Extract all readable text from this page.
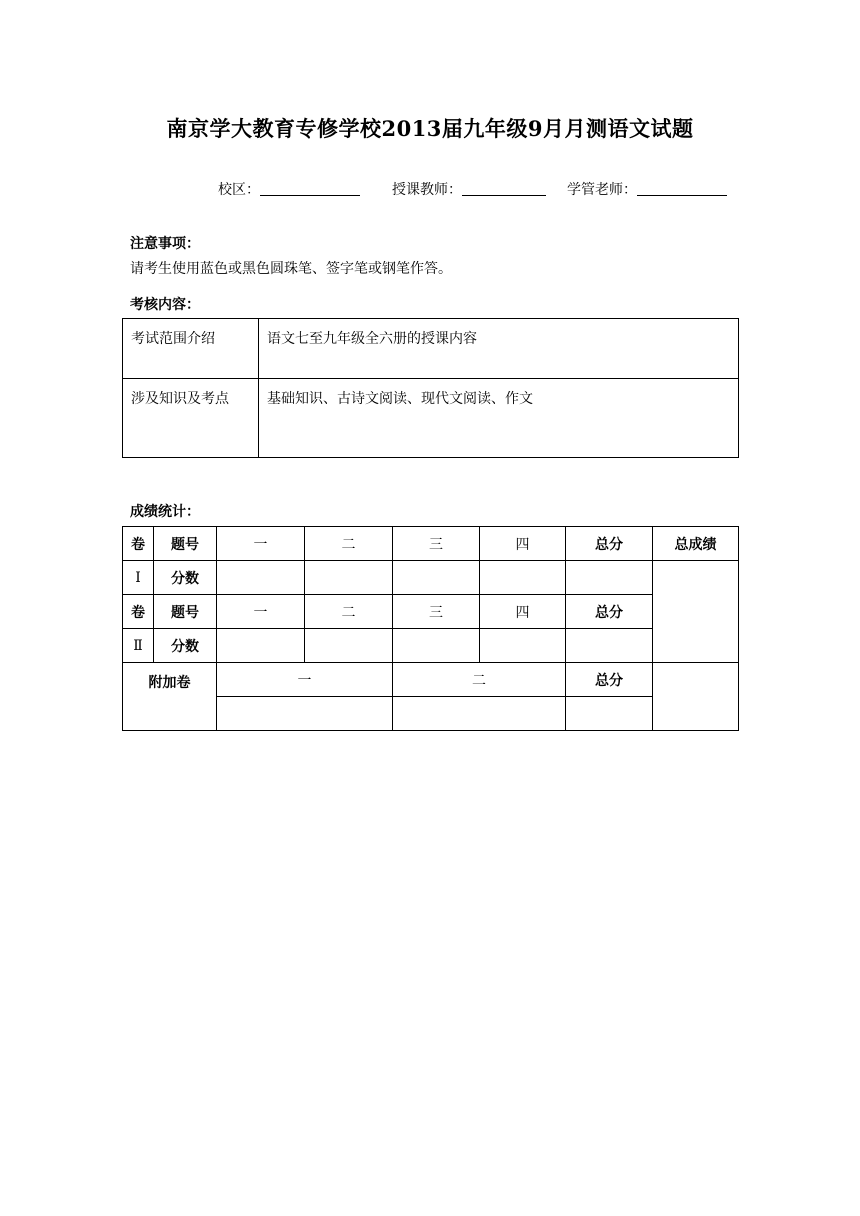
南京学大教育专修学校2013届九年级9月月测语文试题
校区：	授课教师：	学管老师：
注意事项：
请考生使用蓝色或黑色圆珠笔、签字笔或钢笔作答。
考核内容：
考试范围介绍	语文七至九年级全六册的授课内容
涉及知识及考点	基础知识、古诗文阅读、现代文阅读、作文
成绩统计：
卷	题号	一	二	三	四	总分	总成绩
Ⅰ	分数						
卷	题号	一	二	三	四	总分	
Ⅱ	分数						
附加卷		一		二		总分	
